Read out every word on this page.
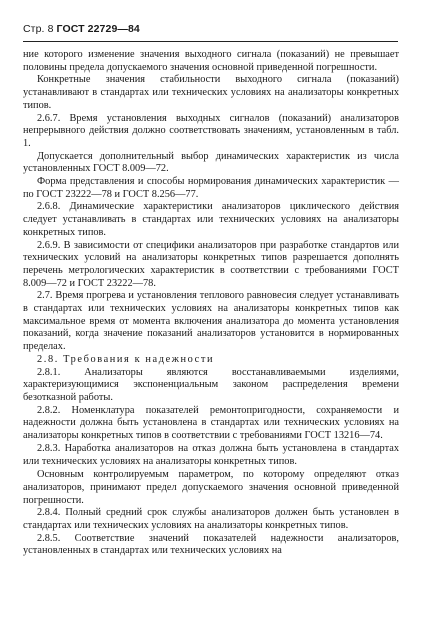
Стр. 8 ГОСТ 22729—84

ние которого изменение значения выходного сигнала (показаний) не превышает половины предела допускаемого значения основной приведенной погрешности.

Конкретные значения стабильности выходного сигнала (показаний) устанавливают в стандартах или технических условиях на анализаторы конкретных типов.

2.6.7. Время установления выходных сигналов (показаний) анализаторов непрерывного действия должно соответствовать значениям, установленным в табл. 1.

Допускается дополнительный выбор динамических характеристик из числа установленных ГОСТ 8.009—72.

Форма представления и способы нормирования динамических характеристик — по ГОСТ 23222—78 и ГОСТ 8.256—77.

2.6.8. Динамические характеристики анализаторов циклического действия следует устанавливать в стандартах или технических условиях на анализаторы конкретных типов.

2.6.9. В зависимости от специфики анализаторов при разработке стандартов или технических условий на анализаторы конкретных типов разрешается дополнять перечень метрологических характеристик в соответствии с требованиями ГОСТ 8.009—72 и ГОСТ 23222—78.

2.7. Время прогрева и установления теплового равновесия следует устанавливать в стандартах или технических условиях на анализаторы конкретных типов как максимальное время от момента включения анализатора до момента установления показаний, когда значение показаний анализаторов установится в нормированных пределах.

2.8. Требования к надежности

2.8.1. Анализаторы являются восстанавливаемыми изделиями, характеризующимися экспоненциальным законом распределения времени безотказной работы.

2.8.2. Номенклатура показателей ремонтопригодности, сохраняемости и надежности должна быть установлена в стандартах или технических условиях на анализаторы конкретных типов в соответствии с требованиями ГОСТ 13216—74.

2.8.3. Наработка анализаторов на отказ должна быть установлена в стандартах или технических условиях на анализаторы конкретных типов.

Основным контролируемым параметром, по которому определяют отказ анализаторов, принимают предел допускаемого значения основной приведенной погрешности.

2.8.4. Полный средний срок службы анализаторов должен быть установлен в стандартах или технических условиях на анализаторы конкретных типов.

2.8.5. Соответствие значений показателей надежности анализаторов, установленных в стандартах или технических условиях на
